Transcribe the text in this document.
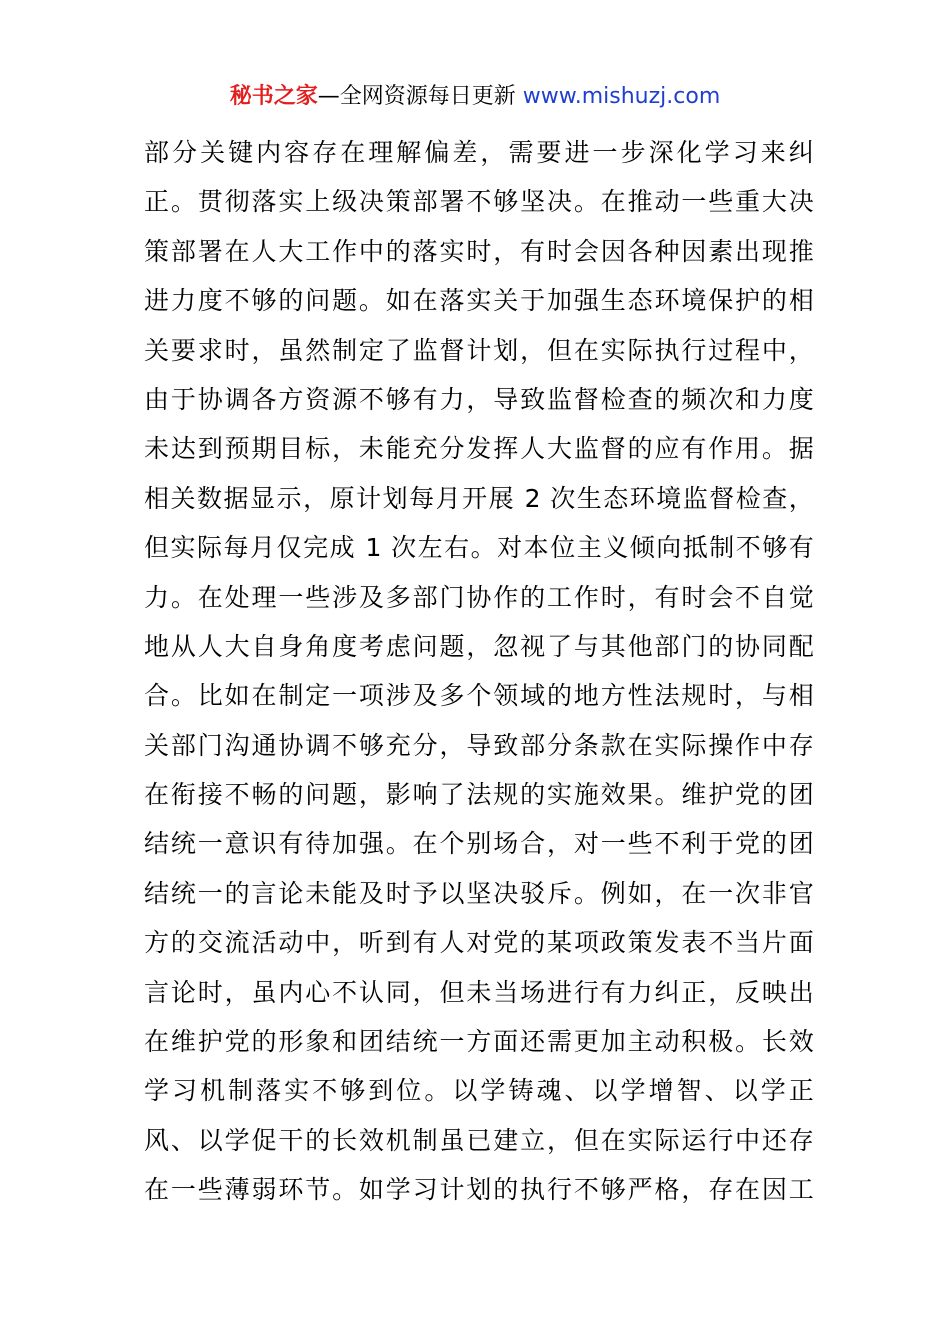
秘书之家—全网资源每日更新 www.mishuzj.com
部分关键内容存在理解偏差，需要进一步深化学习来纠
正。贯彻落实上级决策部署不够坚决。在推动一些重大决
策部署在人大工作中的落实时，有时会因各种因素出现推
进力度不够的问题。如在落实关于加强生态环境保护的相
关要求时，虽然制定了监督计划，但在实际执行过程中，
由于协调各方资源不够有力，导致监督检查的频次和力度
未达到预期目标，未能充分发挥人大监督的应有作用。据
相关数据显示，原计划每月开展 2 次生态环境监督检查，
但实际每月仅完成 1 次左右。对本位主义倾向抵制不够有
力。在处理一些涉及多部门协作的工作时，有时会不自觉
地从人大自身角度考虑问题，忽视了与其他部门的协同配
合。比如在制定一项涉及多个领域的地方性法规时，与相
关部门沟通协调不够充分，导致部分条款在实际操作中存
在衔接不畅的问题，影响了法规的实施效果。维护党的团
结统一意识有待加强。在个别场合，对一些不利于党的团
结统一的言论未能及时予以坚决驳斥。例如，在一次非官
方的交流活动中，听到有人对党的某项政策发表不当片面
言论时，虽内心不认同，但未当场进行有力纠正，反映出
在维护党的形象和团结统一方面还需更加主动积极。长效
学习机制落实不够到位。以学铸魂、以学增智、以学正
风、以学促干的长效机制虽已建立，但在实际运行中还存
在一些薄弱环节。如学习计划的执行不够严格，存在因工
